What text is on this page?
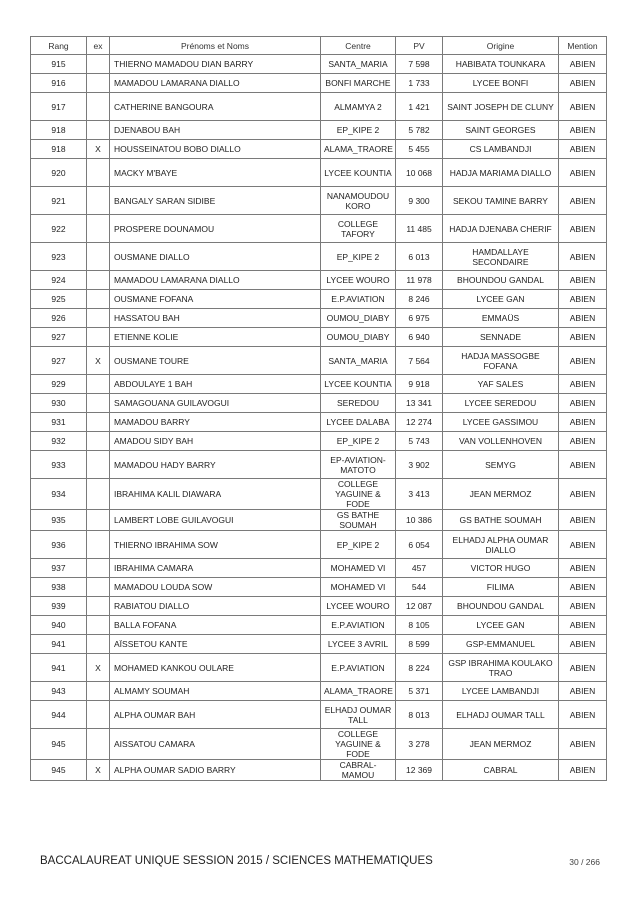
Rang	ex	Prénoms et Noms	Centre	PV	Origine	Mention
915		THIERNO MAMADOU DIAN BARRY	SANTA_MARIA	7 598	HABIBATA TOUNKARA	ABIEN
916		MAMADOU LAMARANA DIALLO	BONFI MARCHE	1 733	LYCEE BONFI	ABIEN
917		CATHERINE BANGOURA	ALMAMYA 2	1 421	SAINT JOSEPH DE CLUNY	ABIEN
918		DJENABOU BAH	EP_KIPE 2	5 782	SAINT GEORGES	ABIEN
918	X	HOUSSEINATOU BOBO DIALLO	ALAMA_TRAORE	5 455	CS LAMBANDJI	ABIEN
920		MACKY M'BAYE	LYCEE KOUNTIA	10 068	HADJA MARIAMA DIALLO	ABIEN
921		BANGALY SARAN SIDIBE	NANAMOUDOU KORO	9 300	SEKOU TAMINE BARRY	ABIEN
922		PROSPERE DOUNAMOU	COLLEGE TAFORY	11 485	HADJA DJENABA CHERIF	ABIEN
923		OUSMANE DIALLO	EP_KIPE 2	6 013	HAMDALLAYE SECONDAIRE	ABIEN
924		MAMADOU LAMARANA DIALLO	LYCEE WOURO	11 978	BHOUNDOU GANDAL	ABIEN
925		OUSMANE FOFANA	E.P.AVIATION	8 246	LYCEE GAN	ABIEN
926		HASSATOU BAH	OUMOU_DIABY	6 975	EMMAÜS	ABIEN
927		ETIENNE KOLIE	OUMOU_DIABY	6 940	SENNADE	ABIEN
927	X	OUSMANE TOURE	SANTA_MARIA	7 564	HADJA MASSOGBE FOFANA	ABIEN
929		ABDOULAYE 1 BAH	LYCEE KOUNTIA	9 918	YAF SALES	ABIEN
930		SAMAGOUANA GUILAVOGUI	SEREDOU	13 341	LYCEE SEREDOU	ABIEN
931		MAMADOU BARRY	LYCEE DALABA	12 274	LYCEE GASSIMOU	ABIEN
932		AMADOU SIDY BAH	EP_KIPE 2	5 743	VAN VOLLENHOVEN	ABIEN
933		MAMADOU HADY BARRY	EP-AVIATION-MATOTO	3 902	SEMYG	ABIEN
934		IBRAHIMA KALIL DIAWARA	COLLEGE YAGUINE & FODE	3 413	JEAN MERMOZ	ABIEN
935		LAMBERT LOBE GUILAVOGUI	GS BATHE SOUMAH	10 386	GS BATHE SOUMAH	ABIEN
936		THIERNO IBRAHIMA SOW	EP_KIPE 2	6 054	ELHADJ ALPHA OUMAR DIALLO	ABIEN
937		IBRAHIMA CAMARA	MOHAMED VI	457	VICTOR HUGO	ABIEN
938		MAMADOU LOUDA SOW	MOHAMED VI	544	FILIMA	ABIEN
939		RABIATOU DIALLO	LYCEE WOURO	12 087	BHOUNDOU GANDAL	ABIEN
940		BALLA FOFANA	E.P.AVIATION	8 105	LYCEE GAN	ABIEN
941		AÏSSETOU KANTE	LYCEE 3 AVRIL	8 599	GSP-EMMANUEL	ABIEN
941	X	MOHAMED KANKOU OULARE	E.P.AVIATION	8 224	GSP IBRAHIMA KOULAKO TRAO	ABIEN
943		ALMAMY SOUMAH	ALAMA_TRAORE	5 371	LYCEE LAMBANDJI	ABIEN
944		ALPHA OUMAR BAH	ELHADJ OUMAR TALL	8 013	ELHADJ OUMAR TALL	ABIEN
945		AISSATOU CAMARA	COLLEGE YAGUINE & FODE	3 278	JEAN MERMOZ	ABIEN
945	X	ALPHA OUMAR SADIO BARRY	CABRAL-MAMOU	12 369	CABRAL	ABIEN
BACCALAUREAT UNIQUE SESSION 2015 / SCIENCES MATHEMATIQUES	30 / 266
